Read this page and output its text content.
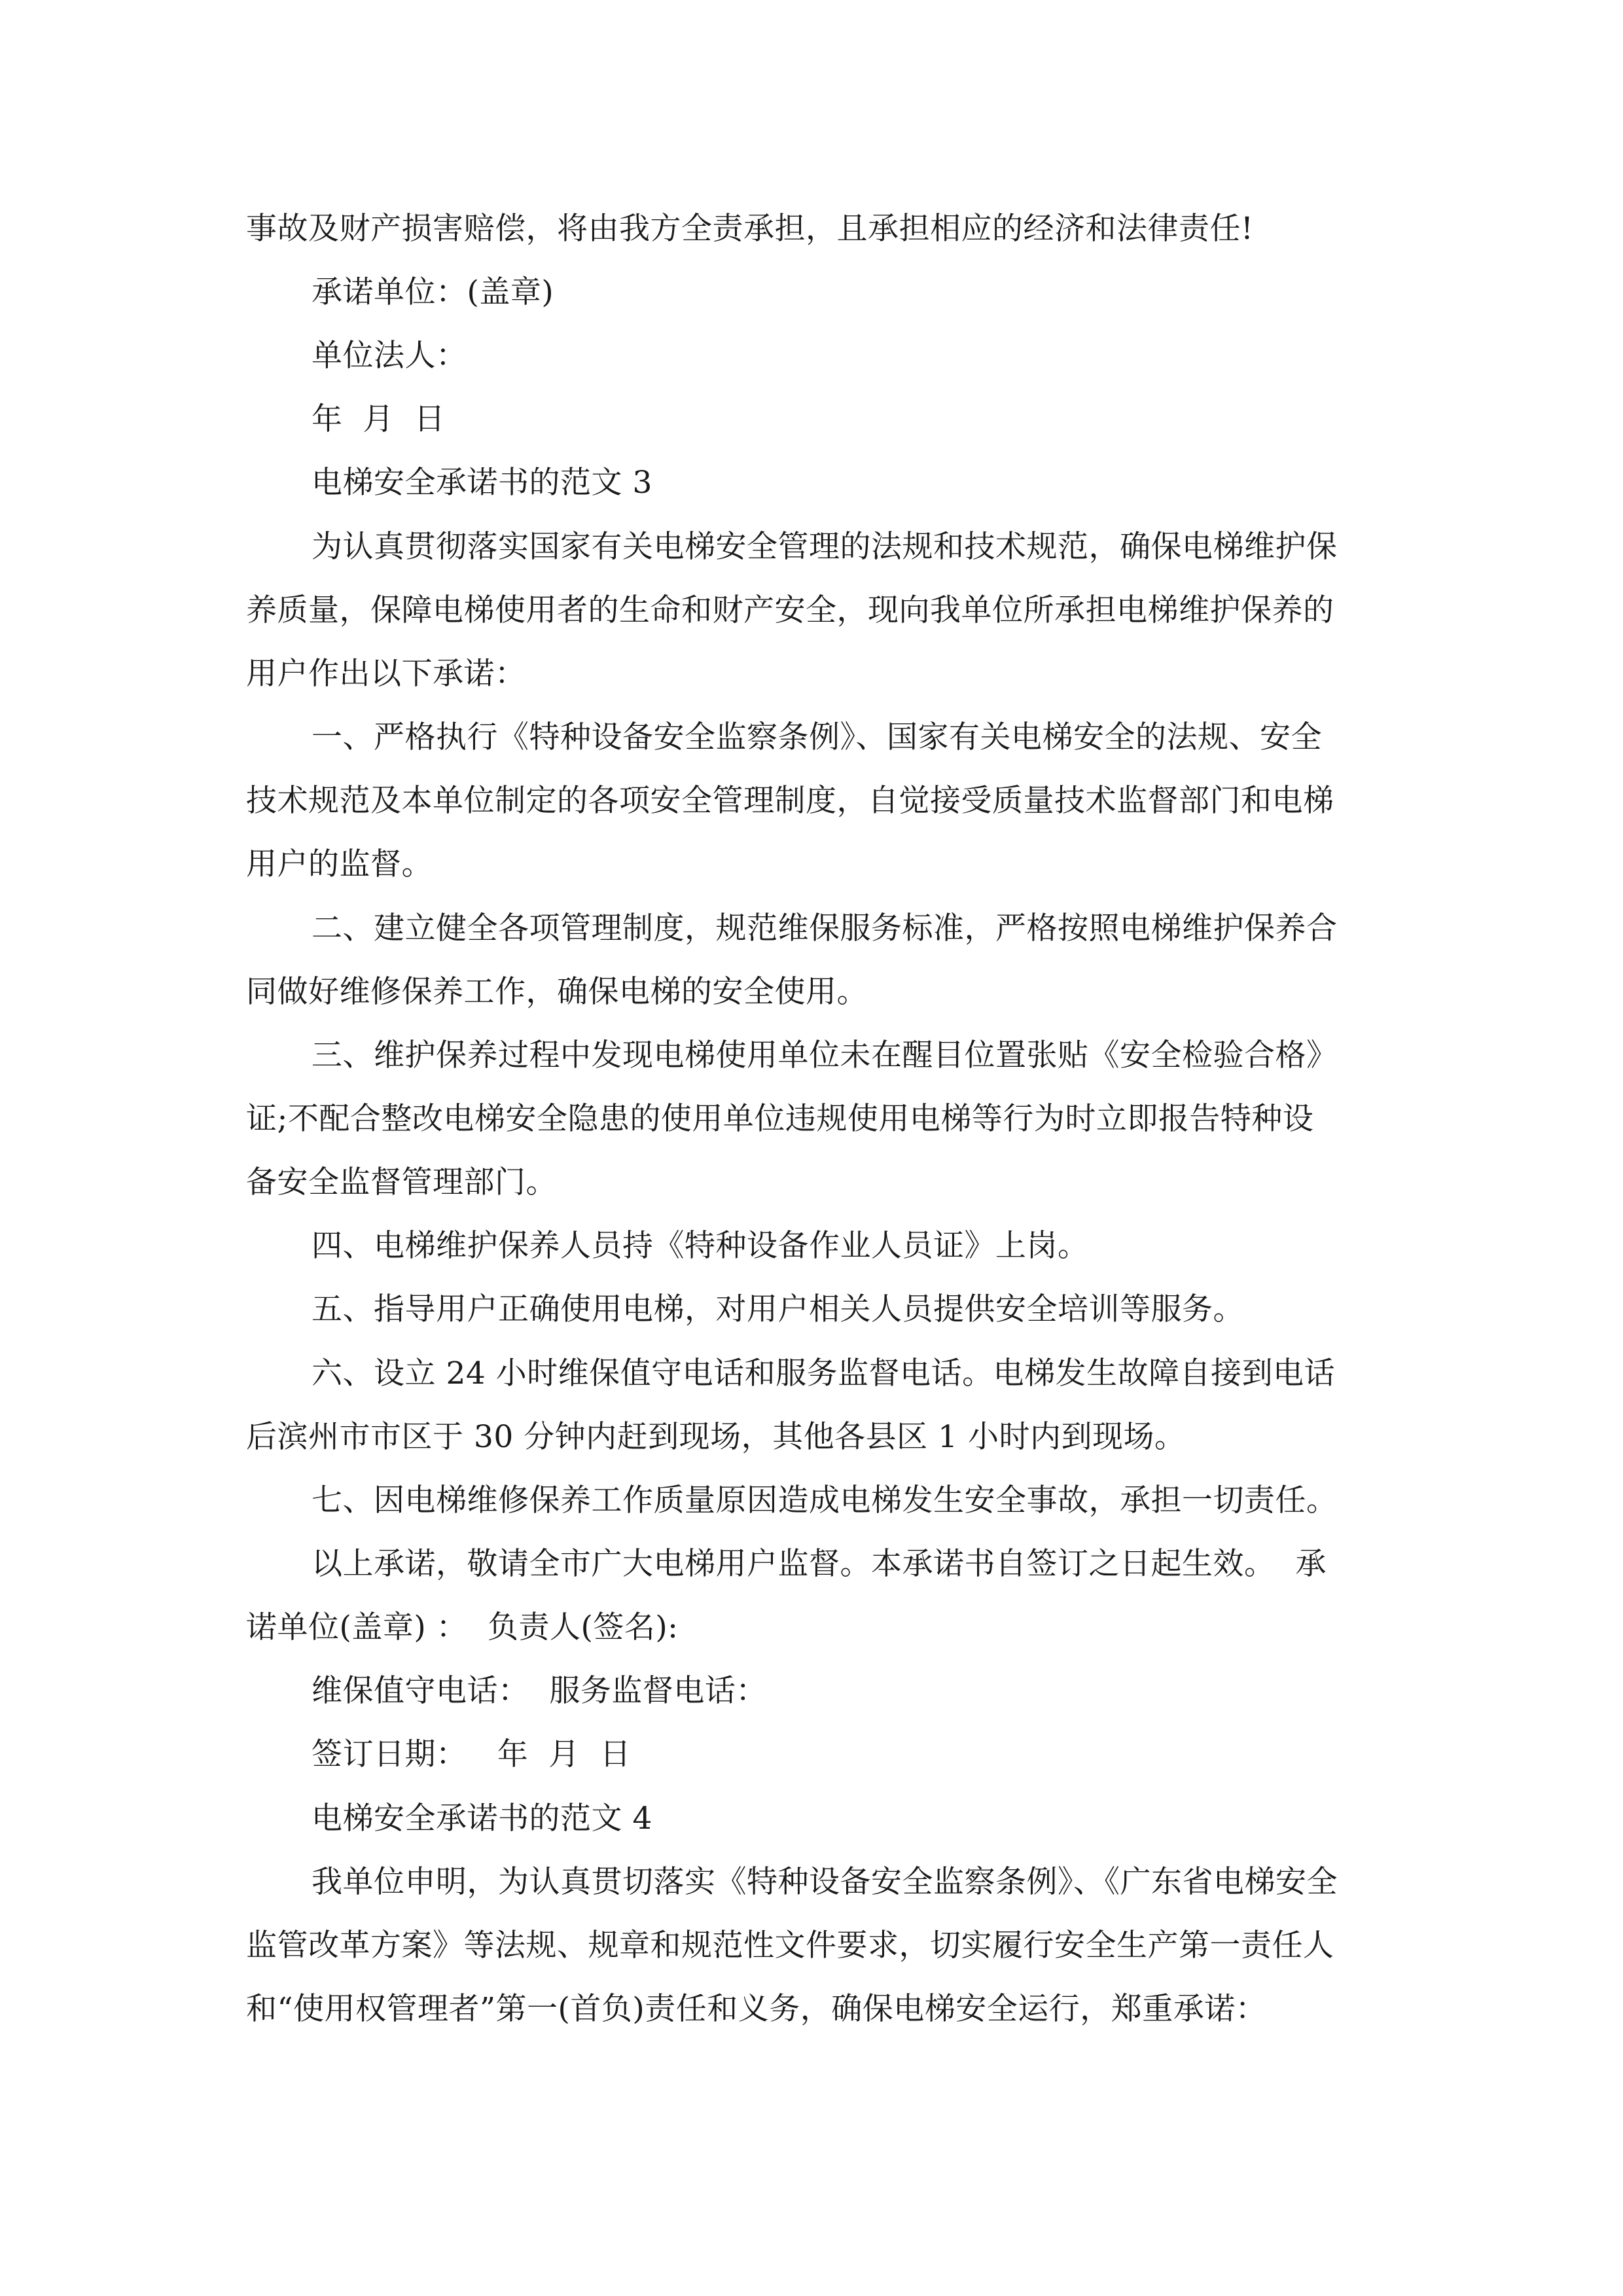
事故及财产损害赔偿，将由我方全责承担，且承担相应的经济和法律责任!
承诺单位：(盖章)
单位法人：
年  月  日
电梯安全承诺书的范文 3
为认真贯彻落实国家有关电梯安全管理的法规和技术规范，确保电梯维护保
养质量，保障电梯使用者的生命和财产安全，现向我单位所承担电梯维护保养的
用户作出以下承诺：
一、严格执行《特种设备安全监察条例》、国家有关电梯安全的法规、安全
技术规范及本单位制定的各项安全管理制度，自觉接受质量技术监督部门和电梯
用户的监督。
二、建立健全各项管理制度，规范维保服务标准，严格按照电梯维护保养合
同做好维修保养工作，确保电梯的安全使用。
三、维护保养过程中发现电梯使用单位未在醒目位置张贴《安全检验合格》
证;不配合整改电梯安全隐患的使用单位违规使用电梯等行为时立即报告特种设
备安全监督管理部门。
四、电梯维护保养人员持《特种设备作业人员证》上岗。
五、指导用户正确使用电梯，对用户相关人员提供安全培训等服务。
六、设立 24 小时维保值守电话和服务监督电话。电梯发生故障自接到电话
后滨州市市区于 30 分钟内赶到现场，其他各县区 1 小时内到现场。
七、因电梯维修保养工作质量原因造成电梯发生安全事故，承担一切责任。
以上承诺，敬请全市广大电梯用户监督。本承诺书自签订之日起生效。  承
诺单位(盖章) ：  负责人(签名):
维保值守电话：  服务监督电话：
签订日期：   年  月  日
电梯安全承诺书的范文 4
我单位申明，为认真贯切落实《特种设备安全监察条例》、《广东省电梯安全
监管改革方案》等法规、规章和规范性文件要求，切实履行安全生产第一责任人
和“使用权管理者”第一(首负)责任和义务，确保电梯安全运行，郑重承诺：
